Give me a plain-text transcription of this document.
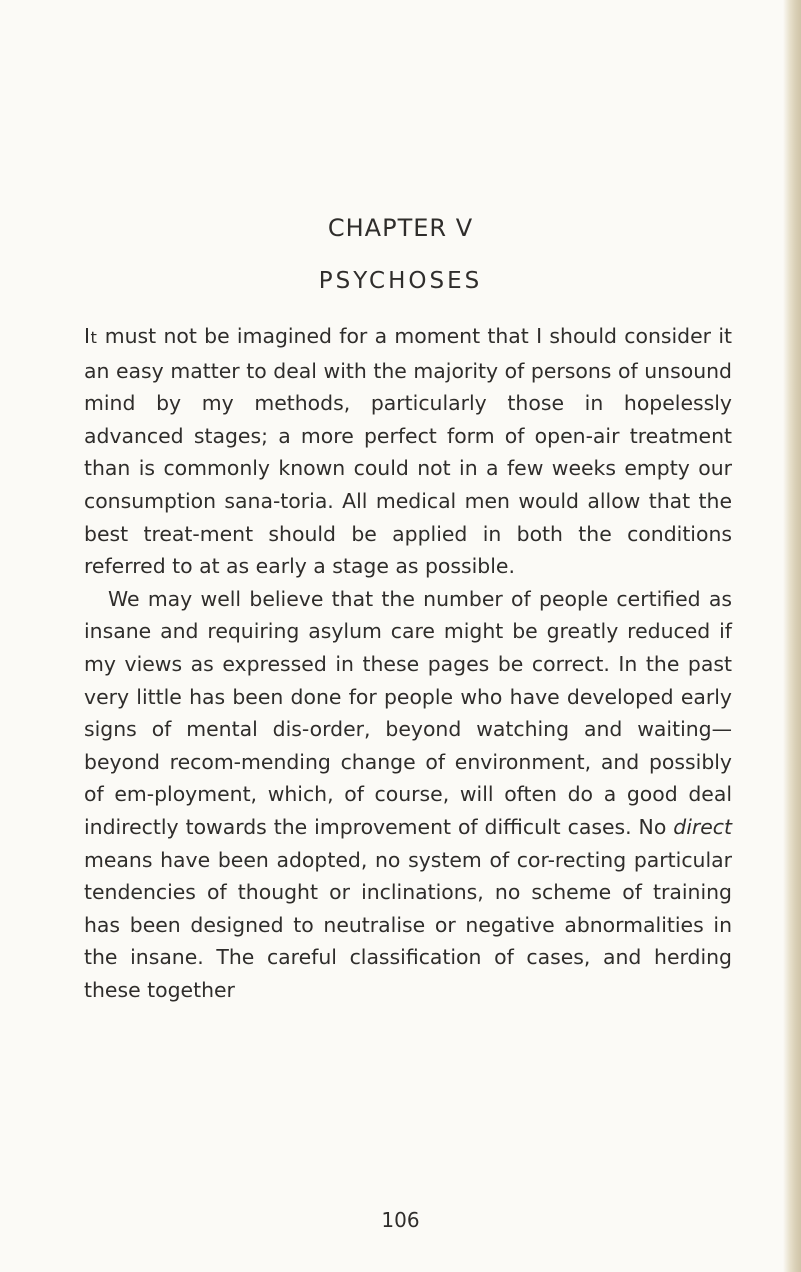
CHAPTER V
PSYCHOSES

It must not be imagined for a moment that I should consider it an easy matter to deal with the majority of persons of unsound mind by my methods, particularly those in hopelessly advanced stages; a more perfect form of open-air treatment than is commonly known could not in a few weeks empty our consumption sana-toria. All medical men would allow that the best treat-ment should be applied in both the conditions referred to at as early a stage as possible.

We may well believe that the number of people certified as insane and requiring asylum care might be greatly reduced if my views as expressed in these pages be correct. In the past very little has been done for people who have developed early signs of mental dis-order, beyond watching and waiting—beyond recom-mending change of environment, and possibly of em-ployment, which, of course, will often do a good deal indirectly towards the improvement of difficult cases. No direct means have been adopted, no system of cor-recting particular tendencies of thought or inclinations, no scheme of training has been designed to neutralise or negative abnormalities in the insane. The careful classification of cases, and herding these together

106
